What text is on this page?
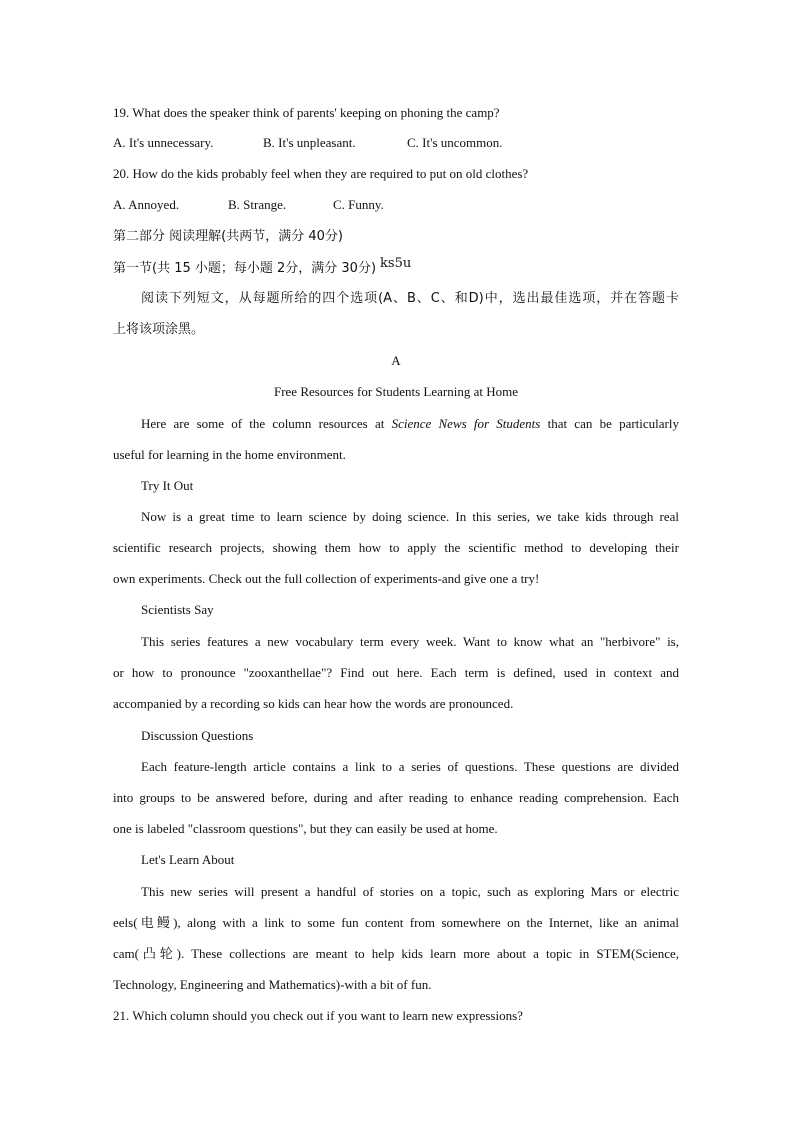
19. What does the speaker think of parents' keeping on phoning the camp?
A. It's unnecessary.	B. It's unpleasant.	C. It's uncommon.
20. How do the kids probably feel when they are required to put on old clothes?
A. Annoyed.	B. Strange.	C. Funny.
第二部分 阅读理解(共两节，满分 40分)
第一节(共 15 小题；每小题 2分，满分 30分) ks5u
阅读下列短文，从每题所给的四个选项(A、B、C、和D)中，选出最佳选项，并在答题卡
上将该项涂黑。
A
Free Resources for Students Learning at Home
Here are some of the column resources at Science News for Students that can be particularly
useful for learning in the home environment.
Try It Out
Now is a great time to learn science by doing science. In this series, we take kids through real
scientific research projects, showing them how to apply the scientific method to developing their
own experiments. Check out the full collection of experiments-and give one a try!
Scientists Say
This series features a new vocabulary term every week. Want to know what an "herbivore" is,
or how to pronounce "zooxanthellae"? Find out here. Each term is defined, used in context and
accompanied by a recording so kids can hear how the words are pronounced.
Discussion Questions
Each feature-length article contains a link to a series of questions. These questions are divided
into groups to be answered before, during and after reading to enhance reading comprehension. Each
one is labeled "classroom questions", but they can easily be used at home.
Let's Learn About
This new series will present a handful of stories on a topic, such as exploring Mars or electric
eels(电鳗), along with a link to some fun content from somewhere on the Internet, like an animal
cam(凸轮). These collections are meant to help kids learn more about a topic in STEM(Science,
Technology, Engineering and Mathematics)-with a bit of fun.
21. Which column should you check out if you want to learn new expressions?
